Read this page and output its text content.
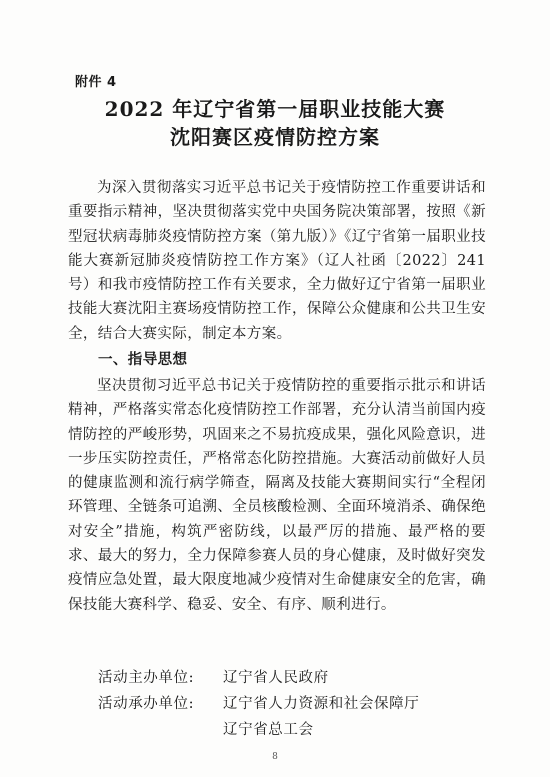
附件 4
2022 年辽宁省第一届职业技能大赛
沈阳赛区疫情防控方案
为深入贯彻落实习近平总书记关于疫情防控工作重要讲话和重要指示精神，坚决贯彻落实党中央国务院决策部署，按照《新型冠状病毒肺炎疫情防控方案（第九版）》《辽宁省第一届职业技能大赛新冠肺炎疫情防控工作方案》（辽人社函〔2022〕241号）和我市疫情防控工作有关要求，全力做好辽宁省第一届职业技能大赛沈阳主赛场疫情防控工作，保障公众健康和公共卫生安全，结合大赛实际，制定本方案。
一、指导思想
坚决贯彻习近平总书记关于疫情防控的重要指示批示和讲话精神，严格落实常态化疫情防控工作部署，充分认清当前国内疫情防控的严峻形势，巩固来之不易抗疫成果，强化风险意识，进一步压实防控责任，严格常态化防控措施。大赛活动前做好人员的健康监测和流行病学筛查，隔离及技能大赛期间实行“全程闭环管理、全链条可追溯、全员核酸检测、全面环境消杀、确保绝对安全”措施，构筑严密防线，以最严厉的措施、最严格的要求、最大的努力，全力保障参赛人员的身心健康，及时做好突发疫情应急处置，最大限度地减少疫情对生命健康安全的危害，确保技能大赛科学、稳妥、安全、有序、顺利进行。
活动主办单位: 辽宁省人民政府
活动承办单位: 辽宁省人力资源和社会保障厅
辽宁省总工会
8
